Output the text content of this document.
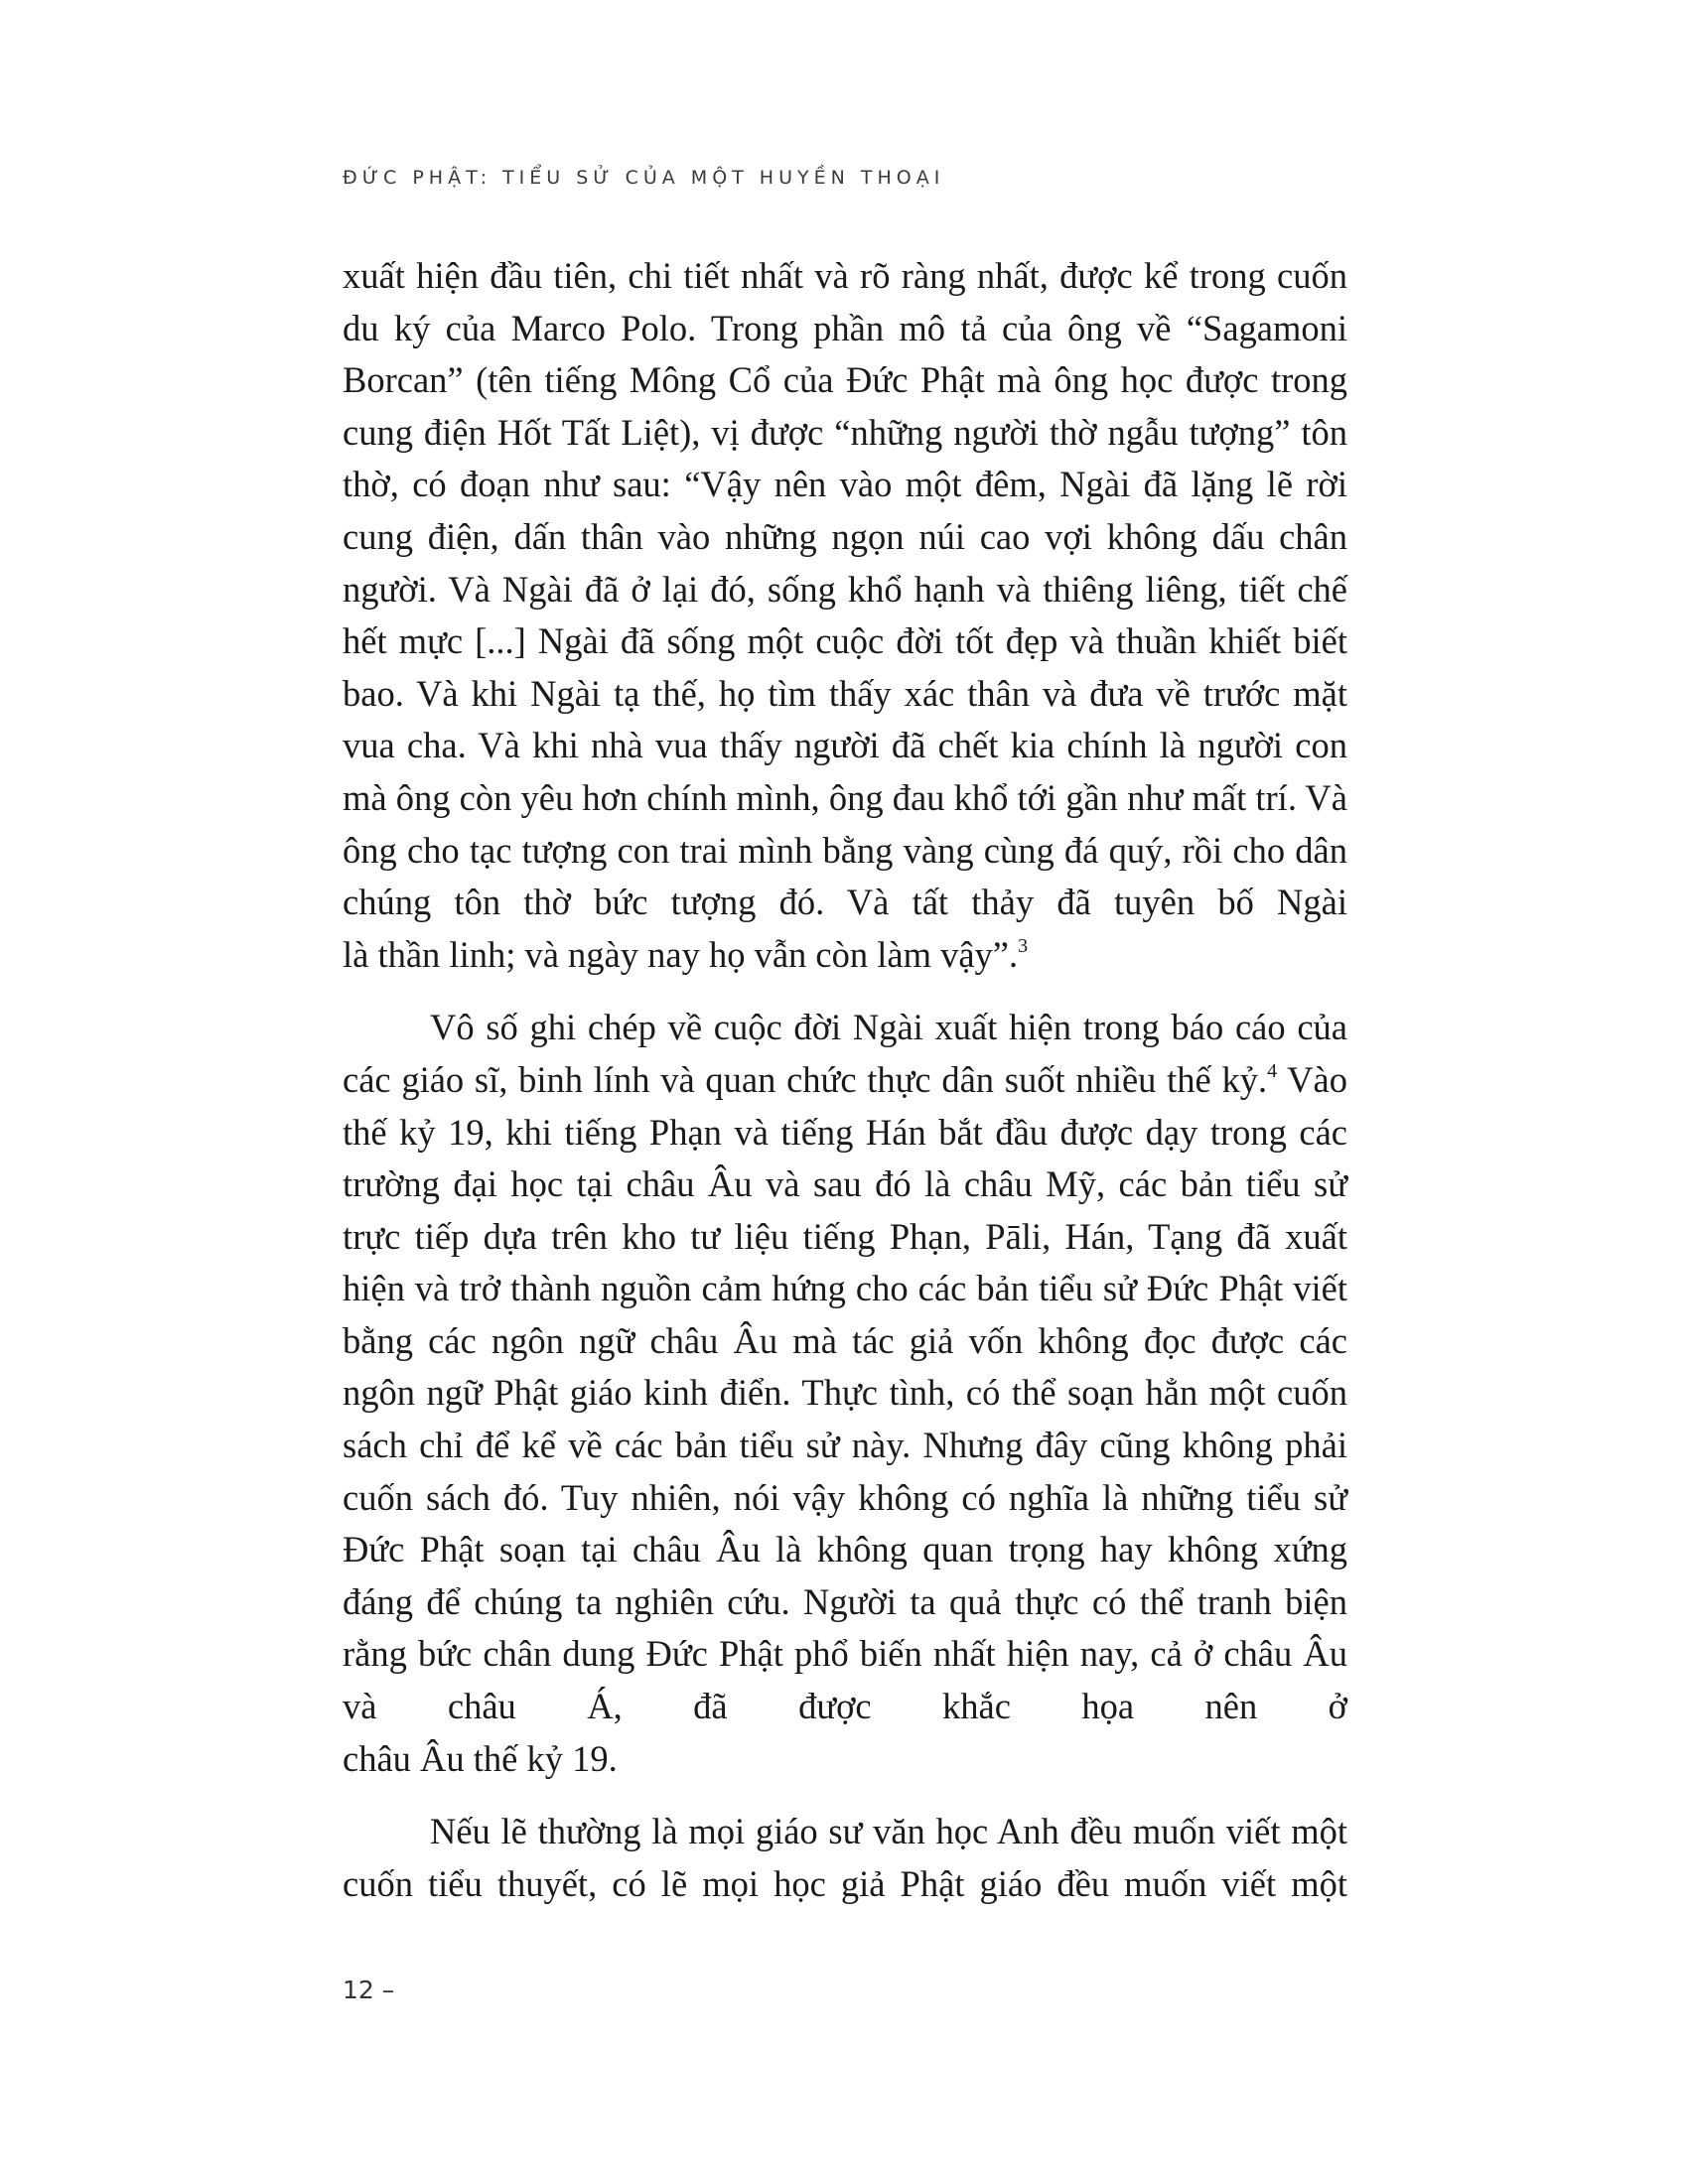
ĐỨC PHẬT: TIỂU SỬ CỦA MỘT HUYỀN THOẠI

xuất hiện đầu tiên, chi tiết nhất và rõ ràng nhất, được kể trong cuốn du ký của Marco Polo. Trong phần mô tả của ông về “Sagamoni Borcan” (tên tiếng Mông Cổ của Đức Phật mà ông học được trong cung điện Hốt Tất Liệt), vị được “những người thờ ngẫu tượng” tôn thờ, có đoạn như sau: “Vậy nên vào một đêm, Ngài đã lặng lẽ rời cung điện, dấn thân vào những ngọn núi cao vợi không dấu chân người. Và Ngài đã ở lại đó, sống khổ hạnh và thiêng liêng, tiết chế hết mực [...] Ngài đã sống một cuộc đời tốt đẹp và thuần khiết biết bao. Và khi Ngài tạ thế, họ tìm thấy xác thân và đưa về trước mặt vua cha. Và khi nhà vua thấy người đã chết kia chính là người con mà ông còn yêu hơn chính mình, ông đau khổ tới gần như mất trí. Và ông cho tạc tượng con trai mình bằng vàng cùng đá quý, rồi cho dân chúng tôn thờ bức tượng đó. Và tất thảy đã tuyên bố Ngài
là thần linh; và ngày nay họ vẫn còn làm vậy”.$^3$

Vô số ghi chép về cuộc đời Ngài xuất hiện trong báo cáo của các giáo sĩ, binh lính và quan chức thực dân suốt nhiều thế kỷ.$^4$ Vào thế kỷ 19, khi tiếng Phạn và tiếng Hán bắt đầu được dạy trong các trường đại học tại châu Âu và sau đó là châu Mỹ, các bản tiểu sử trực tiếp dựa trên kho tư liệu tiếng Phạn, Pāli, Hán, Tạng đã xuất hiện và trở thành nguồn cảm hứng cho các bản tiểu sử Đức Phật viết bằng các ngôn ngữ châu Âu mà tác giả vốn không đọc được các ngôn ngữ Phật giáo kinh điển. Thực tình, có thể soạn hẳn một cuốn sách chỉ để kể về các bản tiểu sử này. Nhưng đây cũng không phải cuốn sách đó. Tuy nhiên, nói vậy không có nghĩa là những tiểu sử Đức Phật soạn tại châu Âu là không quan trọng hay không xứng đáng để chúng ta nghiên cứu. Người ta quả thực có thể tranh biện rằng bức chân dung Đức Phật phổ biến nhất hiện nay, cả ở châu Âu và châu Á, đã được khắc họa nên ở
châu Âu thế kỷ 19.

Nếu lẽ thường là mọi giáo sư văn học Anh đều muốn viết một cuốn tiểu thuyết, có lẽ mọi học giả Phật giáo đều muốn viết một

12 –
